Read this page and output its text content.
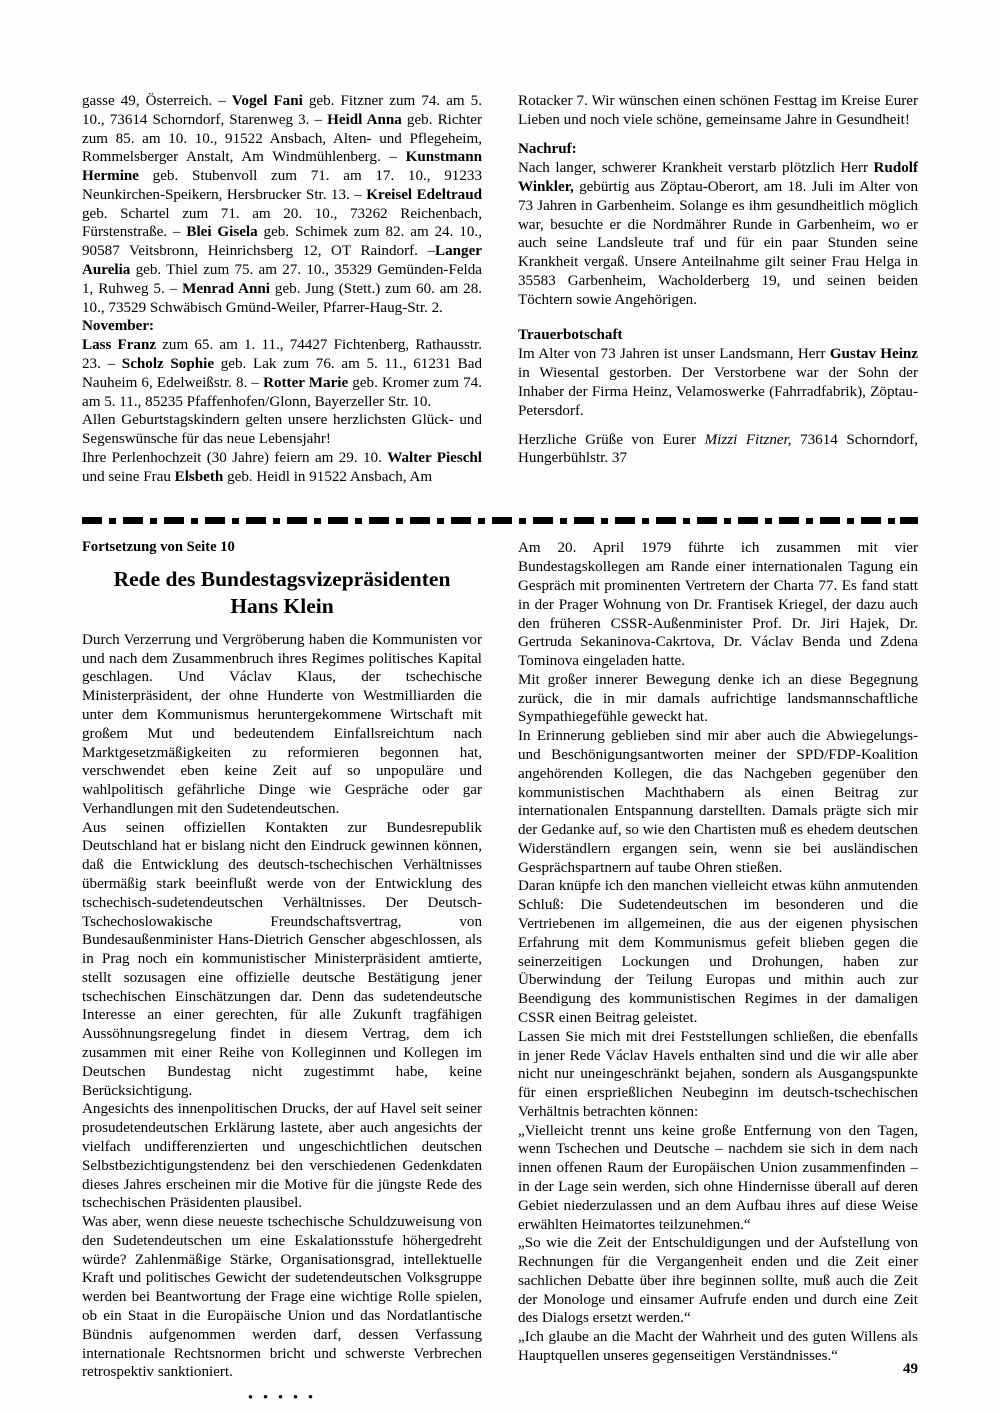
gasse 49, Österreich. – Vogel Fani geb. Fitzner zum 74. am 5. 10., 73614 Schorndorf, Starenweg 3. – Heidl Anna geb. Richter zum 85. am 10. 10., 91522 Ansbach, Alten- und Pflegeheim, Rommelsberger Anstalt, Am Windmühlenberg. – Kunstmann Hermine geb. Stubenvoll zum 71. am 17. 10., 91233 Neunkirchen-Speikern, Hersbrucker Str. 13. – Kreisel Edeltraud geb. Schartel zum 71. am 20. 10., 73262 Reichenbach, Fürstenstraße. – Blei Gisela geb. Schimek zum 82. am 24. 10., 90587 Veitsbronn, Heinrichsberg 12, OT Raindorf. –Langer Aurelia geb. Thiel zum 75. am 27. 10., 35329 Gemünden-Felda 1, Ruhweg 5. – Menrad Anni geb. Jung (Stett.) zum 60. am 28. 10., 73529 Schwäbisch Gmünd-Weiler, Pfarrer-Haug-Str. 2.

November:

Lass Franz zum 65. am 1. 11., 74427 Fichtenberg, Rathausstr. 23. – Scholz Sophie geb. Lak zum 76. am 5. 11., 61231 Bad Nauheim 6, Edelweißstr. 8. – Rotter Marie geb. Kromer zum 74. am 5. 11., 85235 Pfaffenhofen/Glonn, Bayerzeller Str. 10.

Allen Geburtstagskindern gelten unsere herzlichsten Glück- und Segenswünsche für das neue Lebensjahr!

Ihre Perlenhochzeit (30 Jahre) feiern am 29. 10. Walter Pieschl und seine Frau Elsbeth geb. Heidl in 91522 Ansbach, Am

Rotacker 7. Wir wünschen einen schönen Festtag im Kreise Eurer Lieben und noch viele schöne, gemeinsame Jahre in Gesundheit!

Nachruf:

Nach langer, schwerer Krankheit verstarb plötzlich Herr Rudolf Winkler, gebürtig aus Zöptau-Oberort, am 18. Juli im Alter von 73 Jahren in Garbenheim. Solange es ihm gesundheitlich möglich war, besuchte er die Nordmährer Runde in Garbenheim, wo er auch seine Landsleute traf und für ein paar Stunden seine Krankheit vergaß. Unsere Anteilnahme gilt seiner Frau Helga in 35583 Garbenheim, Wacholderberg 19, und seinen beiden Töchtern sowie Angehörigen.

Trauerbotschaft

Im Alter von 73 Jahren ist unser Landsmann, Herr Gustav Heinz in Wiesental gestorben. Der Verstorbene war der Sohn der Inhaber der Firma Heinz, Velamoswerke (Fahrradfabrik), Zöptau-Petersdorf.

Herzliche Grüße von Eurer Mizzi Fitzner, 73614 Schorndorf, Hungerbühlstr. 37

Fortsetzung von Seite 10
Rede des Bundestagsvizepräsidenten
Hans Klein

Durch Verzerrung und Vergröberung haben die Kommunisten vor und nach dem Zusammenbruch ihres Regimes politisches Kapital geschlagen. Und Václav Klaus, der tschechische Ministerpräsident, der ohne Hunderte von Westmilliarden die unter dem Kommunismus heruntergekommene Wirtschaft mit großem Mut und bedeutendem Einfallsreichtum nach Marktgesetzmäßigkeiten zu reformieren begonnen hat, verschwendet eben keine Zeit auf so unpopuläre und wahlpolitisch gefährliche Dinge wie Gespräche oder gar Verhandlungen mit den Sudetendeutschen.

Aus seinen offiziellen Kontakten zur Bundesrepublik Deutschland hat er bislang nicht den Eindruck gewinnen können, daß die Entwicklung des deutsch-tschechischen Verhältnisses übermäßig stark beeinflußt werde von der Entwicklung des tschechisch-sudetendeutschen Verhältnisses. Der Deutsch-Tschechoslowakische Freundschaftsvertrag, von Bundesaußenminister Hans-Dietrich Genscher abgeschlossen, als in Prag noch ein kommunistischer Ministerpräsident amtierte, stellt sozusagen eine offizielle deutsche Bestätigung jener tschechischen Einschätzungen dar. Denn das sudetendeutsche Interesse an einer gerechten, für alle Zukunft tragfähigen Aussöhnungsregelung findet in diesem Vertrag, dem ich zusammen mit einer Reihe von Kolleginnen und Kollegen im Deutschen Bundestag nicht zugestimmt habe, keine Berücksichtigung.

Angesichts des innenpolitischen Drucks, der auf Havel seit seiner prosudetendeutschen Erklärung lastete, aber auch angesichts der vielfach undifferenzierten und ungeschichtlichen deutschen Selbstbezichtigungstendenz bei den verschiedenen Gedenkdaten dieses Jahres erscheinen mir die Motive für die jüngste Rede des tschechischen Präsidenten plausibel.

Was aber, wenn diese neueste tschechische Schuldzuweisung von den Sudetendeutschen um eine Eskalationsstufe höhergedreht würde? Zahlenmäßige Stärke, Organisationsgrad, intellektuelle Kraft und politisches Gewicht der sudetendeutschen Volksgruppe werden bei Beantwortung der Frage eine wichtige Rolle spielen, ob ein Staat in die Europäische Union und das Nordatlantische Bündnis aufgenommen werden darf, dessen Verfassung internationale Rechtsnormen bricht und schwerste Verbrechen retrospektiv sanktioniert.

• • • • •

Am 20. April 1979 führte ich zusammen mit vier Bundestagskollegen am Rande einer internationalen Tagung ein Gespräch mit prominenten Vertretern der Charta 77. Es fand statt in der Prager Wohnung von Dr. Frantisek Kriegel, der dazu auch den früheren CSSR-Außenminister Prof. Dr. Jiri Hajek, Dr. Gertruda Sekaninova-Cakrtova, Dr. Václav Benda und Zdena Tominova eingeladen hatte.

Mit großer innerer Bewegung denke ich an diese Begegnung zurück, die in mir damals aufrichtige landsmannschaftliche Sympathiegefühle geweckt hat.

In Erinnerung geblieben sind mir aber auch die Abwiegelungs- und Beschönigungsantworten meiner der SPD/FDP-Koalition angehörenden Kollegen, die das Nachgeben gegenüber den kommunistischen Machthabern als einen Beitrag zur internationalen Entspannung darstellten. Damals prägte sich mir der Gedanke auf, so wie den Chartisten muß es ehedem deutschen Widerständlern ergangen sein, wenn sie bei ausländischen Gesprächspartnern auf taube Ohren stießen.

Daran knüpfe ich den manchen vielleicht etwas kühn anmutenden Schluß: Die Sudetendeutschen im besonderen und die Vertriebenen im allgemeinen, die aus der eigenen physischen Erfahrung mit dem Kommunismus gefeit blieben gegen die seinerzeitigen Lockungen und Drohungen, haben zur Überwindung der Teilung Europas und mithin auch zur Beendigung des kommunistischen Regimes in der damaligen CSSR einen Beitrag geleistet.

Lassen Sie mich mit drei Feststellungen schließen, die ebenfalls in jener Rede Václav Havels enthalten sind und die wir alle aber nicht nur uneingeschränkt bejahen, sondern als Ausgangspunkte für einen ersprießlichen Neubeginn im deutsch-tschechischen Verhältnis betrachten können:

„Vielleicht trennt uns keine große Entfernung von den Tagen, wenn Tschechen und Deutsche – nachdem sie sich in dem nach innen offenen Raum der Europäischen Union zusammenfinden – in der Lage sein werden, sich ohne Hindernisse überall auf deren Gebiet niederzulassen und an dem Aufbau ihres auf diese Weise erwählten Heimatortes teilzunehmen.“

„So wie die Zeit der Entschuldigungen und der Aufstellung von Rechnungen für die Vergangenheit enden und die Zeit einer sachlichen Debatte über ihre beginnen sollte, muß auch die Zeit der Monologe und einsamer Aufrufe enden und durch eine Zeit des Dialogs ersetzt werden.“

„Ich glaube an die Macht der Wahrheit und des guten Willens als Hauptquellen unseres gegenseitigen Verständnisses.“

49
